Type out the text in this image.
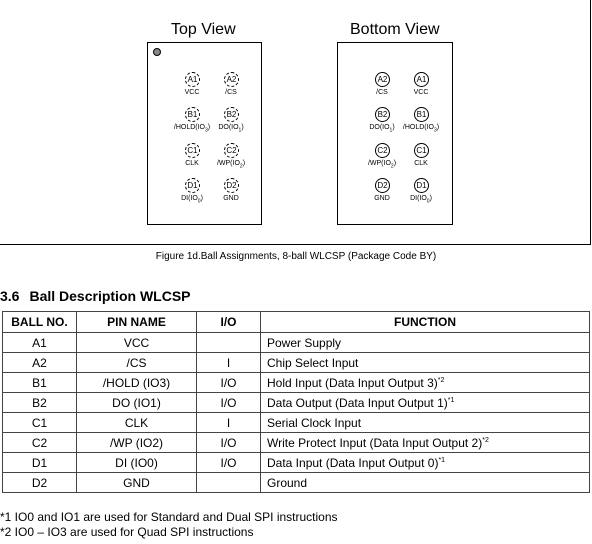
Top View	Bottom View
A1
VCC
A2
/CS
B1
$/HOLD(IO_3)$
B2
$DO(IO_1)$
C1
CLK
C2
$/WP(IO_2)$
D1
$DI(IO_0)$
D2
GND
A2
/CS
A1
VCC
B2
$DO(IO_1)$
B1
$/HOLD(IO_3)$
C2
$/WP(IO_2)$
C1
CLK
D2
GND
D1
$DI(IO_0)$
Figure 1d.Ball Assignments, 8-ball WLCSP (Package Code BY)
3.6 Ball Description WLCSP
BALL NO.	PIN NAME	I/O	FUNCTION
A1	VCC		Power Supply
A2	/CS	I	Chip Select Input
B1	/HOLD (IO3)	I/O	Hold Input (Data Input Output 3)$^{*2}$
B2	DO (IO1)	I/O	Data Output (Data Input Output 1)$^{*1}$
C1	CLK	I	Serial Clock Input
C2	/WP (IO2)	I/O	Write Protect Input (Data Input Output 2)$^{*2}$
D1	DI (IO0)	I/O	Data Input (Data Input Output 0)$^{*1}$
D2	GND		Ground
*1 IO0 and IO1 are used for Standard and Dual SPI instructions
*2 IO0 – IO3 are used for Quad SPI instructions
